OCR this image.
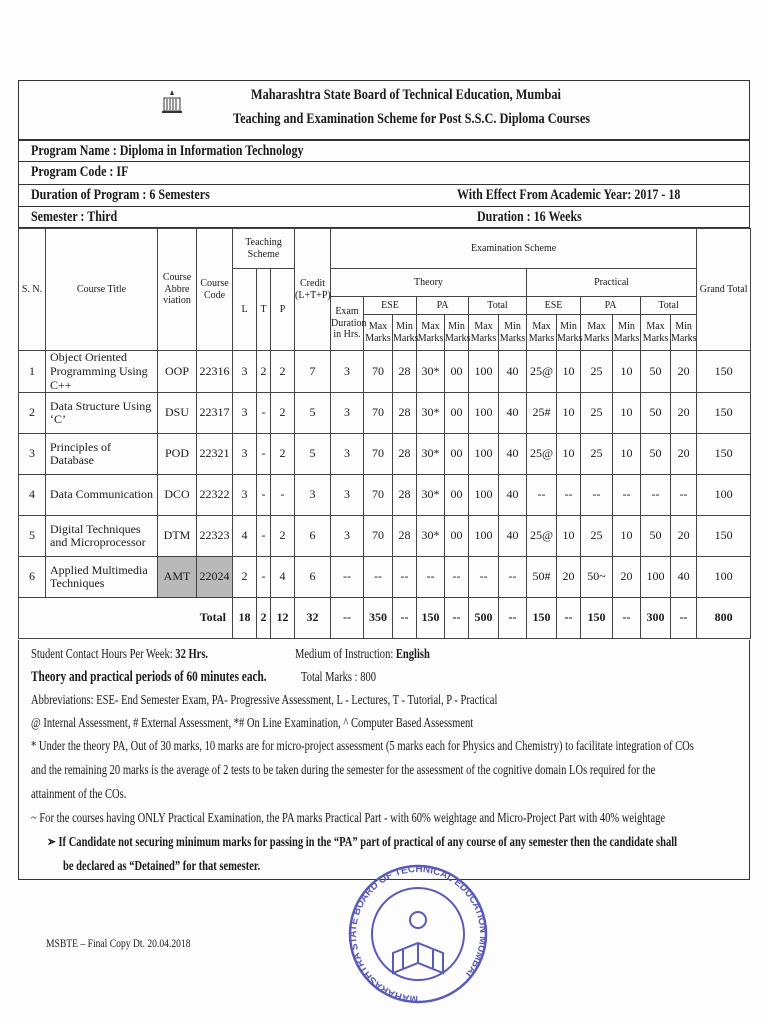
Maharashtra State Board of Technical Education, Mumbai
Teaching and Examination Scheme for Post S.S.C. Diploma Courses
Program Name : Diploma in Information Technology
Program Code : IF
Duration of Program : 6 Semesters	With Effect From Academic Year: 2017 - 18
Semester : Third	Duration : 16 Weeks
S. N.	Course Title	Course Abbre viation	Course Code	Teaching Scheme			Credit (L+T+P)	Examination Scheme													Grand Total
				L	T	P		Theory							Practical						
								Exam Duration in Hrs.	ESE		PA		Total		ESE		PA		Total		
									Max Marks	Min Marks	Max Marks	Min Marks	Max Marks	Min Marks	Max Marks	Min Marks	Max Marks	Min Marks	Max Marks	Min Marks	
1	Object Oriented Programming Using C++	OOP	22316	3	2	2	7	3	70	28	30*	00	100	40	25@	10	25	10	50	20	150
2	Data Structure Using ‘C’	DSU	22317	3	-	2	5	3	70	28	30*	00	100	40	25#	10	25	10	50	20	150
3	Principles of Database	POD	22321	3	-	2	5	3	70	28	30*	00	100	40	25@	10	25	10	50	20	150
4	Data Communication	DCO	22322	3	-	-	3	3	70	28	30*	00	100	40	--	--	--	--	--	--	100
5	Digital Techniques and Microprocessor	DTM	22323	4	-	2	6	3	70	28	30*	00	100	40	25@	10	25	10	50	20	150
6	Applied Multimedia Techniques	AMT	22024	2	-	4	6	--	--	--	--	--	--	--	50#	20	50~	20	100	40	100
Total				18	2	12	32	--	350	--	150	--	500	--	150	--	150	--	300	--	800
Student Contact Hours Per Week: 32 Hrs.	Medium of Instruction: English
Theory and practical periods of 60 minutes each.	Total Marks : 800
Abbreviations: ESE- End Semester Exam, PA- Progressive Assessment, L - Lectures, T - Tutorial, P - Practical
@ Internal Assessment, # External Assessment, *# On Line Examination, ^ Computer Based Assessment
* Under the theory PA, Out of 30 marks, 10 marks are for micro-project assessment (5 marks each for Physics and Chemistry) to facilitate integration of COs
and the remaining 20 marks is the average of 2 tests to be taken during the semester for the assessment of the cognitive domain LOs required for the
attainment of the COs.
~ For the courses having ONLY Practical Examination, the PA marks Practical Part - with 60% weightage and Micro-Project Part with 40% weightage
➢ If Candidate not securing minimum marks for passing in the “PA” part of practical of any course of any semester then the candidate shall
be declared as “Detained” for that semester.
MSBTE – Final Copy Dt. 20.04.2018
MAHARASHTRA STATE BOARD OF TECHNICAL EDUCATION MUMBAI
